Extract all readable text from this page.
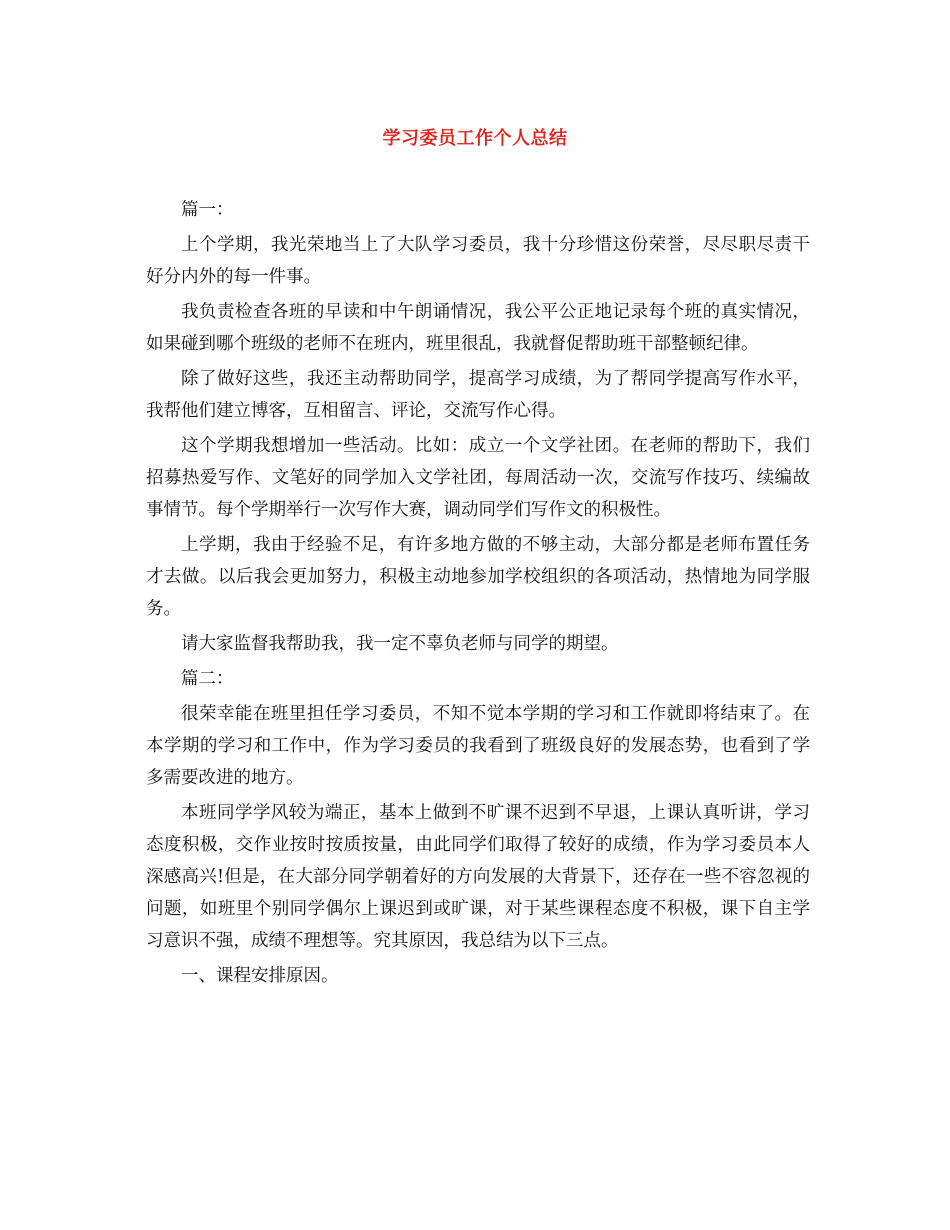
学习委员工作个人总结

篇一：

上个学期，我光荣地当上了大队学习委员，我十分珍惜这份荣誉，尽尽职尽责干好分内外的每一件事。

我负责检查各班的早读和中午朗诵情况，我公平公正地记录每个班的真实情况，如果碰到哪个班级的老师不在班内，班里很乱，我就督促帮助班干部整顿纪律。

除了做好这些，我还主动帮助同学，提高学习成绩，为了帮同学提高写作水平，我帮他们建立博客，互相留言、评论，交流写作心得。

这个学期我想增加一些活动。比如：成立一个文学社团。在老师的帮助下，我们招募热爱写作、文笔好的同学加入文学社团，每周活动一次，交流写作技巧、续编故事情节。每个学期举行一次写作大赛，调动同学们写作文的积极性。

上学期，我由于经验不足，有许多地方做的不够主动，大部分都是老师布置任务才去做。以后我会更加努力，积极主动地参加学校组织的各项活动，热情地为同学服务。

请大家监督我帮助我，我一定不辜负老师与同学的期望。

篇二：

很荣幸能在班里担任学习委员，不知不觉本学期的学习和工作就即将结束了。在本学期的学习和工作中，作为学习委员的我看到了班级良好的发展态势，也看到了学多需要改进的地方。

本班同学学风较为端正，基本上做到不旷课不迟到不早退，上课认真听讲，学习态度积极，交作业按时按质按量，由此同学们取得了较好的成绩，作为学习委员本人深感高兴!但是，在大部分同学朝着好的方向发展的大背景下，还存在一些不容忽视的问题，如班里个别同学偶尔上课迟到或旷课，对于某些课程态度不积极，课下自主学习意识不强，成绩不理想等。究其原因，我总结为以下三点。

一、课程安排原因。
